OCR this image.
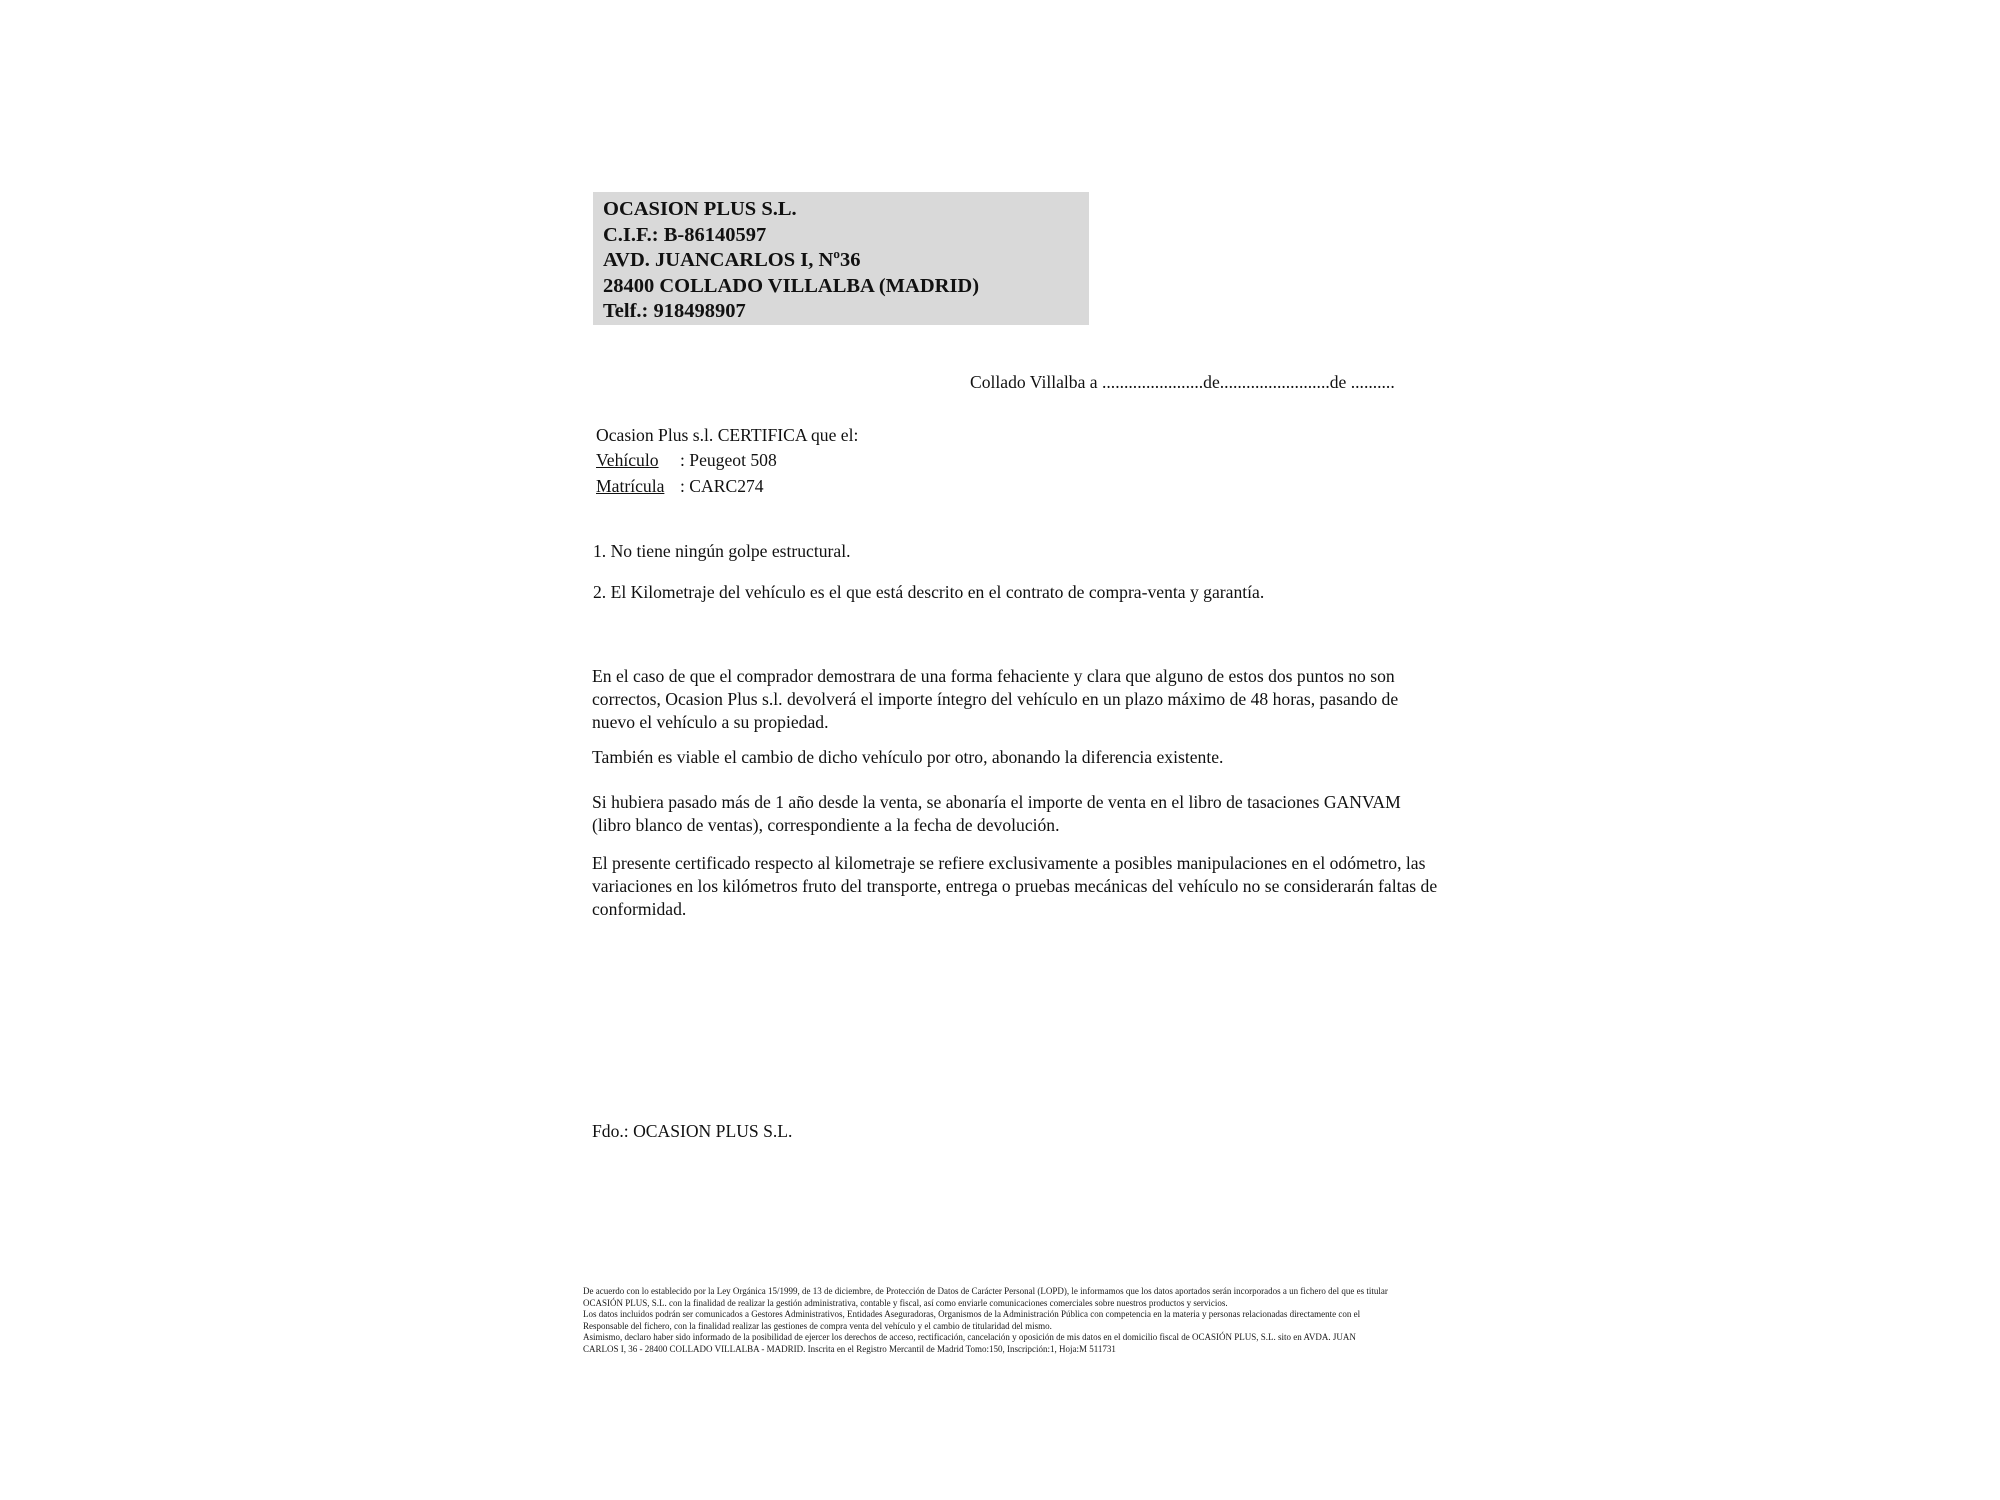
OCASION PLUS S.L.
C.I.F.: B-86140597
AVD. JUANCARLOS I, Nº36
28400 COLLADO VILLALBA (MADRID)
Telf.: 918498907
Collado Villalba a .......................de.........................de ..........
Ocasion Plus s.l. CERTIFICA que el:
Vehículo : Peugeot 508
Matrícula : CARC274
1. No tiene ningún golpe estructural.
2. El Kilometraje del vehículo es el que está descrito en el contrato de compra-venta y garantía.
En el caso de que el comprador demostrara de una forma fehaciente y clara que alguno de estos dos puntos no son correctos, Ocasion Plus s.l. devolverá el importe íntegro del vehículo en un plazo máximo de 48 horas, pasando de nuevo el vehículo a su propiedad.
También es viable el cambio de dicho vehículo por otro, abonando la diferencia existente.
Si hubiera pasado más de 1 año desde la venta, se abonaría el importe de venta en el libro de tasaciones GANVAM (libro blanco de ventas), correspondiente a la fecha de devolución.
El presente certificado respecto al kilometraje se refiere exclusivamente a posibles manipulaciones en el odómetro, las variaciones en los kilómetros fruto del transporte, entrega o pruebas mecánicas del vehículo no se considerarán faltas de conformidad.
Fdo.: OCASION PLUS S.L.
De acuerdo con lo establecido por la Ley Orgánica 15/1999, de 13 de diciembre, de Protección de Datos de Carácter Personal (LOPD), le informamos que los datos aportados serán incorporados a un fichero del que es titular
OCASIÓN PLUS, S.L. con la finalidad de realizar la gestión administrativa, contable y fiscal, así como enviarle comunicaciones comerciales sobre nuestros productos y servicios.
Los datos incluidos podrán ser comunicados a Gestores Administrativos, Entidades Aseguradoras, Organismos de la Administración Pública con competencia en la materia y personas relacionadas directamente con el
Responsable del fichero, con la finalidad realizar las gestiones de compra venta del vehículo y el cambio de titularidad del mismo.
Asimismo, declaro haber sido informado de la posibilidad de ejercer los derechos de acceso, rectificación, cancelación y oposición de mis datos en el domicilio fiscal de OCASIÓN PLUS, S.L. sito en AVDA. JUAN
CARLOS I, 36 - 28400 COLLADO VILLALBA - MADRID. Inscrita en el Registro Mercantil de Madrid Tomo:150, Inscripción:1, Hoja:M 511731
